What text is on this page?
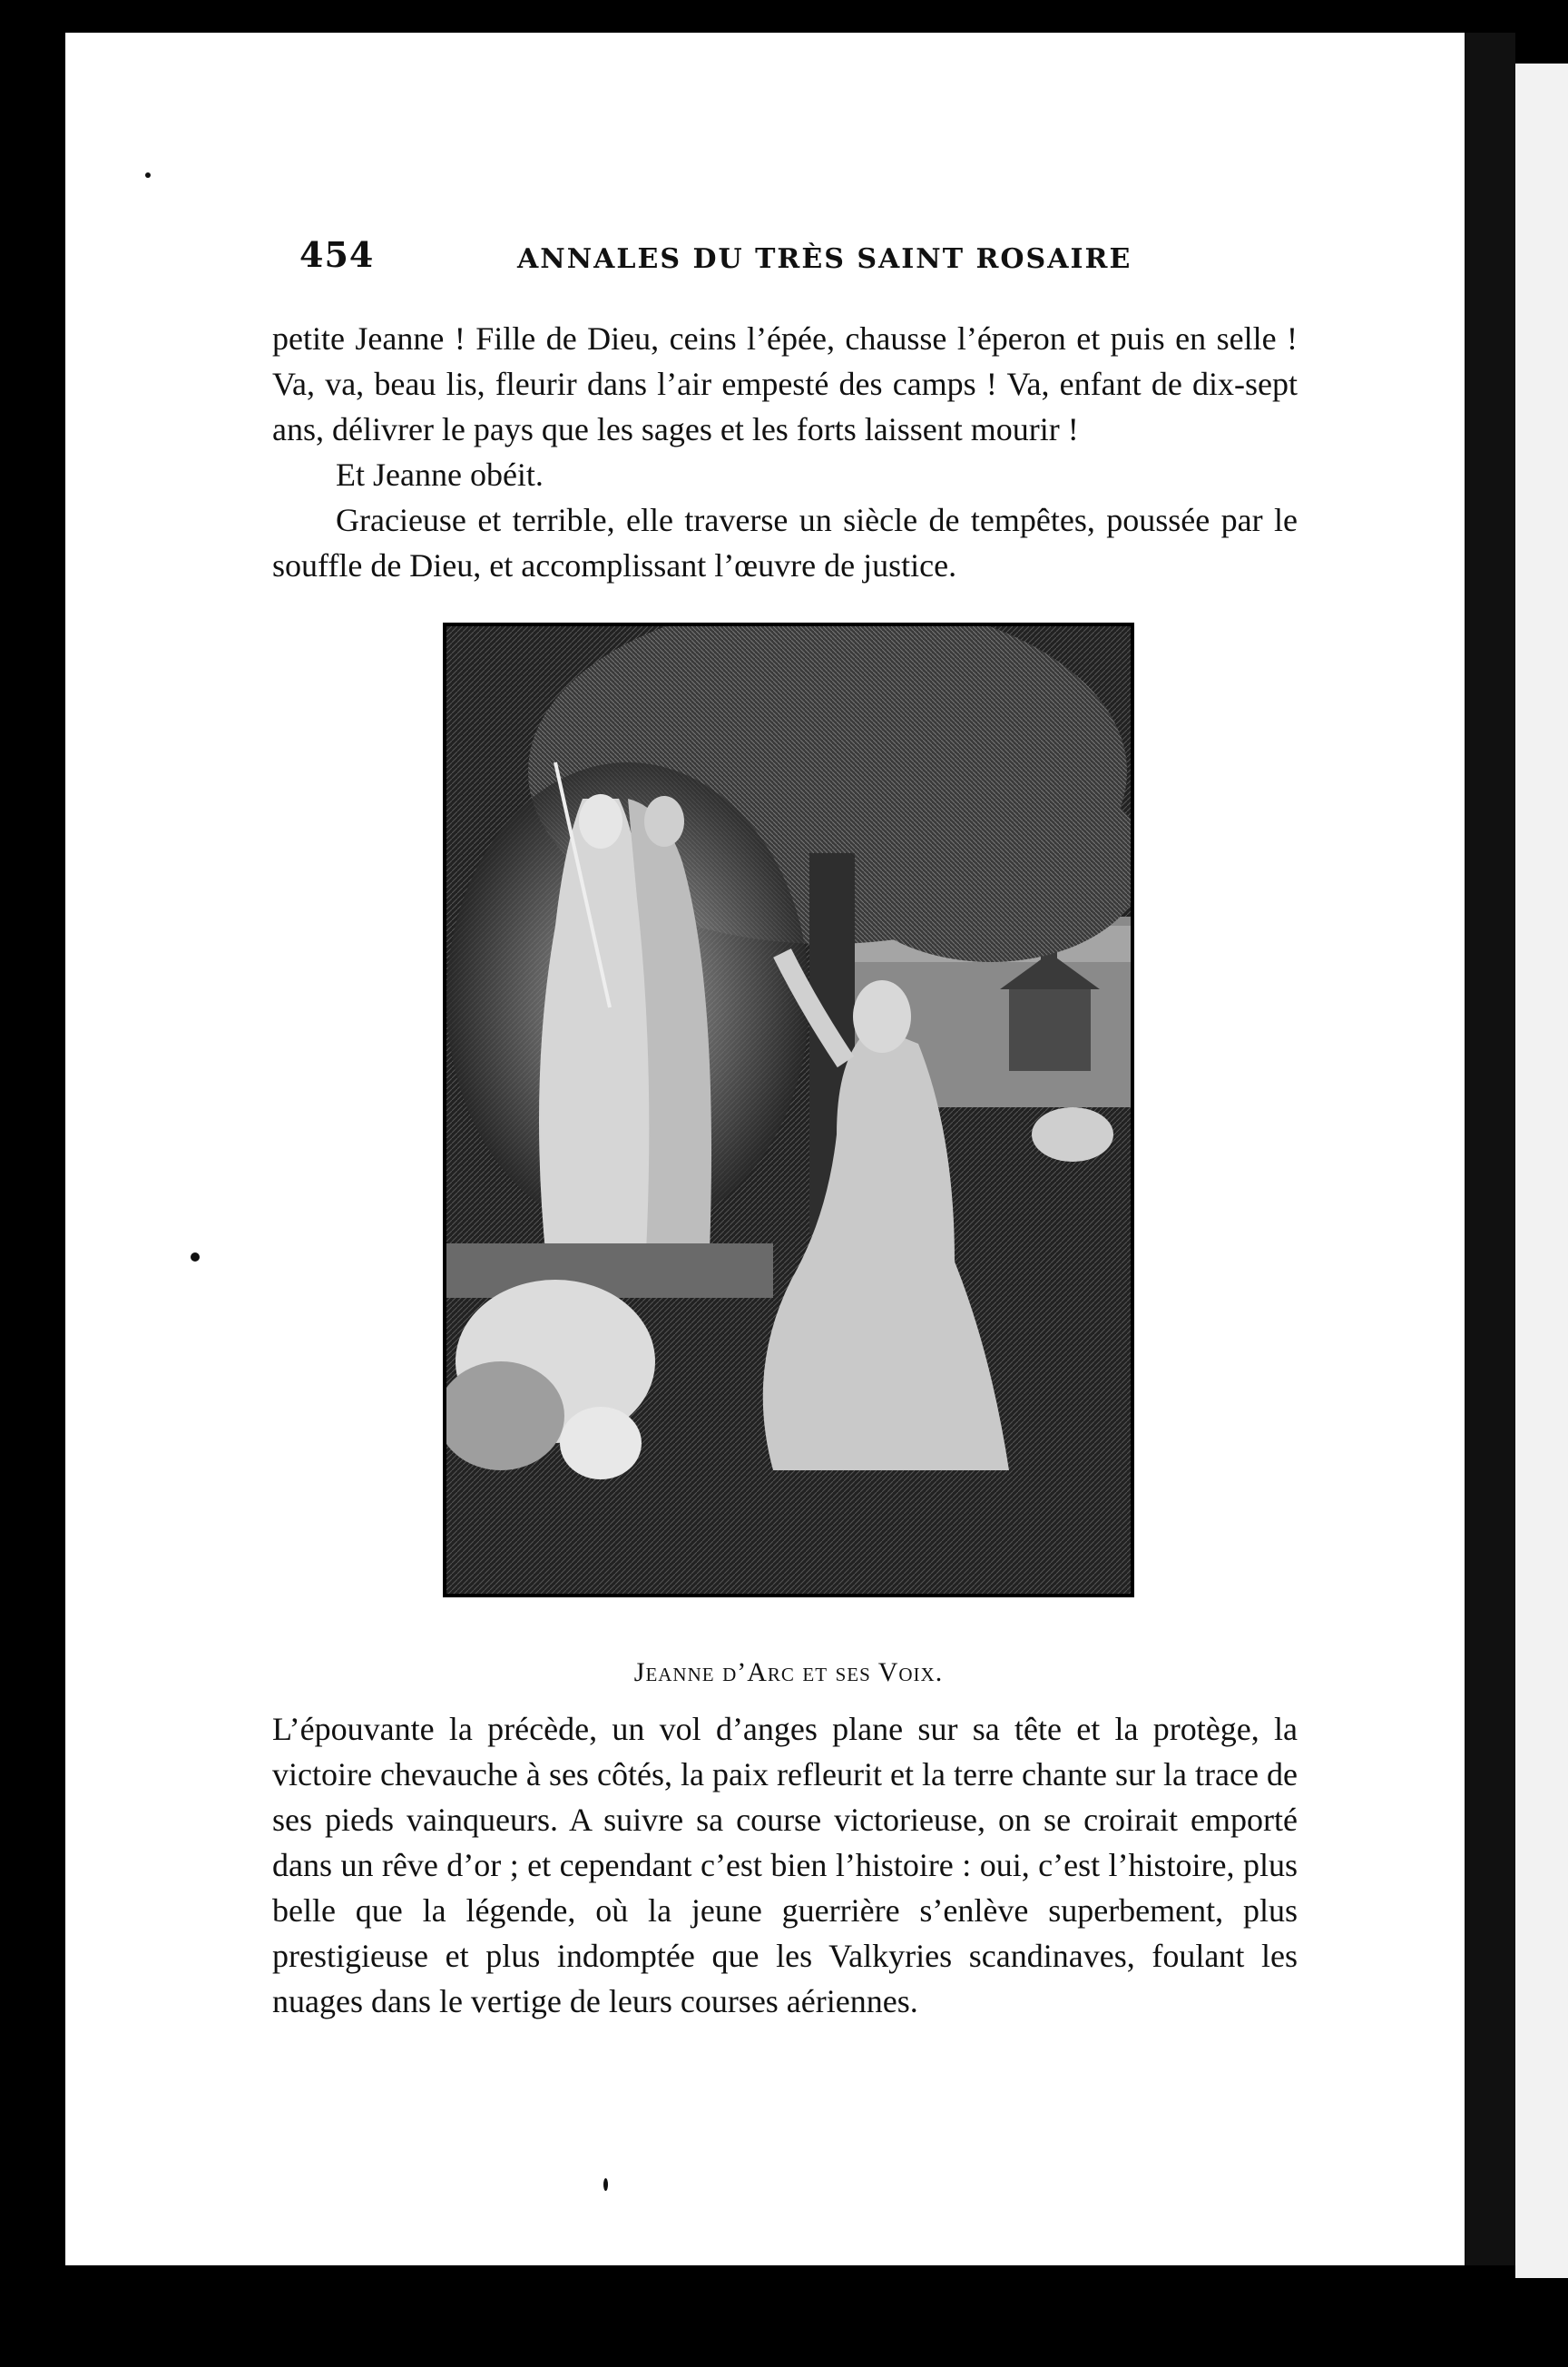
454	ANNALES DU TRÈS SAINT ROSAIRE

petite Jeanne ! Fille de Dieu, ceins l’épée, chausse l’éperon et puis en selle ! Va, va, beau lis, fleurir dans l’air empesté des camps ! Va, enfant de dix-sept ans, délivrer le pays que les sages et les forts laissent mourir !

Et Jeanne obéit.

Gracieuse et terrible, elle traverse un siècle de tempêtes, poussée par le souffle de Dieu, et accomplissant l’œuvre de justice.

Jeanne d’Arc et ses Voix.

L’épouvante la précède, un vol d’anges plane sur sa tête et la protège, la victoire chevauche à ses côtés, la paix refleurit et la terre chante sur la trace de ses pieds vainqueurs. A suivre sa course victorieuse, on se croirait emporté dans un rêve d’or ; et cependant c’est bien l’histoire : oui, c’est l’histoire, plus belle que la légende, où la jeune guerrière s’enlève superbement, plus prestigieuse et plus indomptée que les Valkyries scandinaves, foulant les nuages dans le vertige de leurs courses aériennes.
